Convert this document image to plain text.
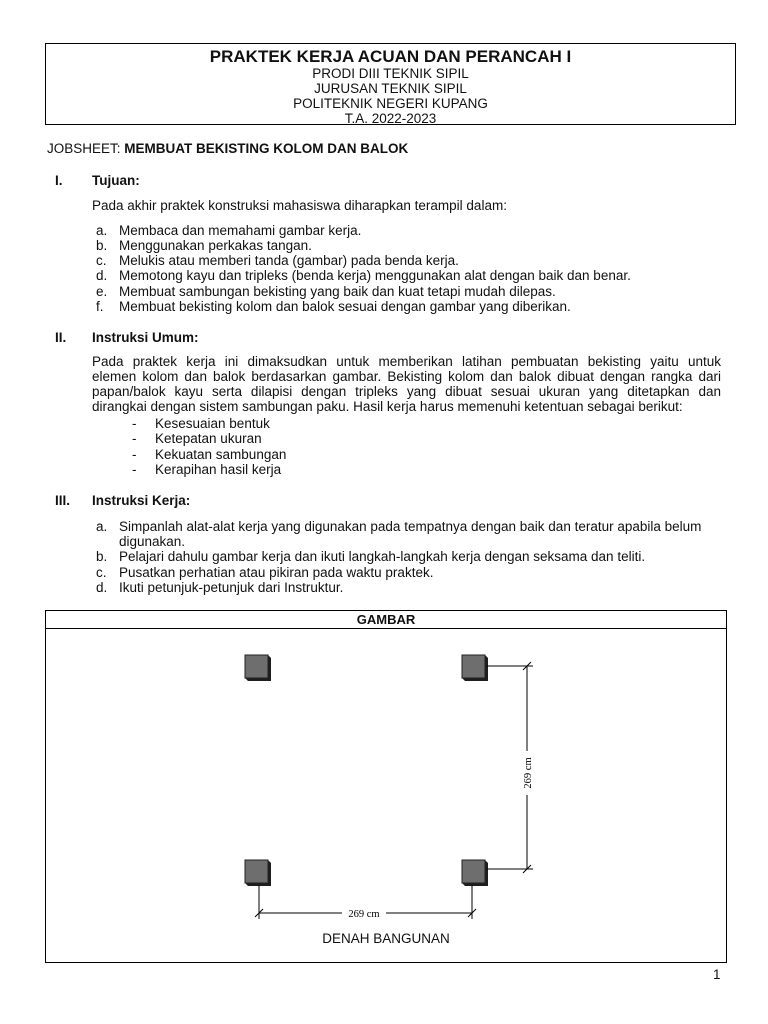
PRAKTEK KERJA ACUAN DAN PERANCAH I
PRODI DIII TEKNIK SIPIL
JURUSAN TEKNIK SIPIL
POLITEKNIK NEGERI KUPANG
T.A. 2022-2023
JOBSHEET: MEMBUAT BEKISTING KOLOM DAN BALOK
I. Tujuan:
Pada akhir praktek konstruksi mahasiswa diharapkan terampil dalam:
a. Membaca dan memahami gambar kerja.
b. Menggunakan perkakas tangan.
c. Melukis atau memberi tanda (gambar) pada benda kerja.
d. Memotong kayu dan tripleks (benda kerja) menggunakan alat dengan baik dan benar.
e. Membuat sambungan bekisting yang baik dan kuat tetapi mudah dilepas.
f. Membuat bekisting kolom dan balok sesuai dengan gambar yang diberikan.
II. Instruksi Umum:
Pada praktek kerja ini dimaksudkan untuk memberikan latihan pembuatan bekisting yaitu untuk
elemen kolom dan balok berdasarkan gambar. Bekisting kolom dan balok dibuat dengan rangka dari
papan/balok kayu serta dilapisi dengan tripleks yang dibuat sesuai ukuran yang ditetapkan dan
dirangkai dengan sistem sambungan paku. Hasil kerja harus memenuhi ketentuan sebagai berikut:
- Kesesuaian bentuk
- Ketepatan ukuran
- Kekuatan sambungan
- Kerapihan hasil kerja
III. Instruksi Kerja:
a. Simpanlah alat-alat kerja yang digunakan pada tempatnya dengan baik dan teratur apabila belum
digunakan.
b. Pelajari dahulu gambar kerja dan ikuti langkah-langkah kerja dengan seksama dan teliti.
c. Pusatkan perhatian atau pikiran pada waktu praktek.
d. Ikuti petunjuk-petunjuk dari Instruktur.
GAMBAR
269 cm
269 cm
DENAH BANGUNAN
1
